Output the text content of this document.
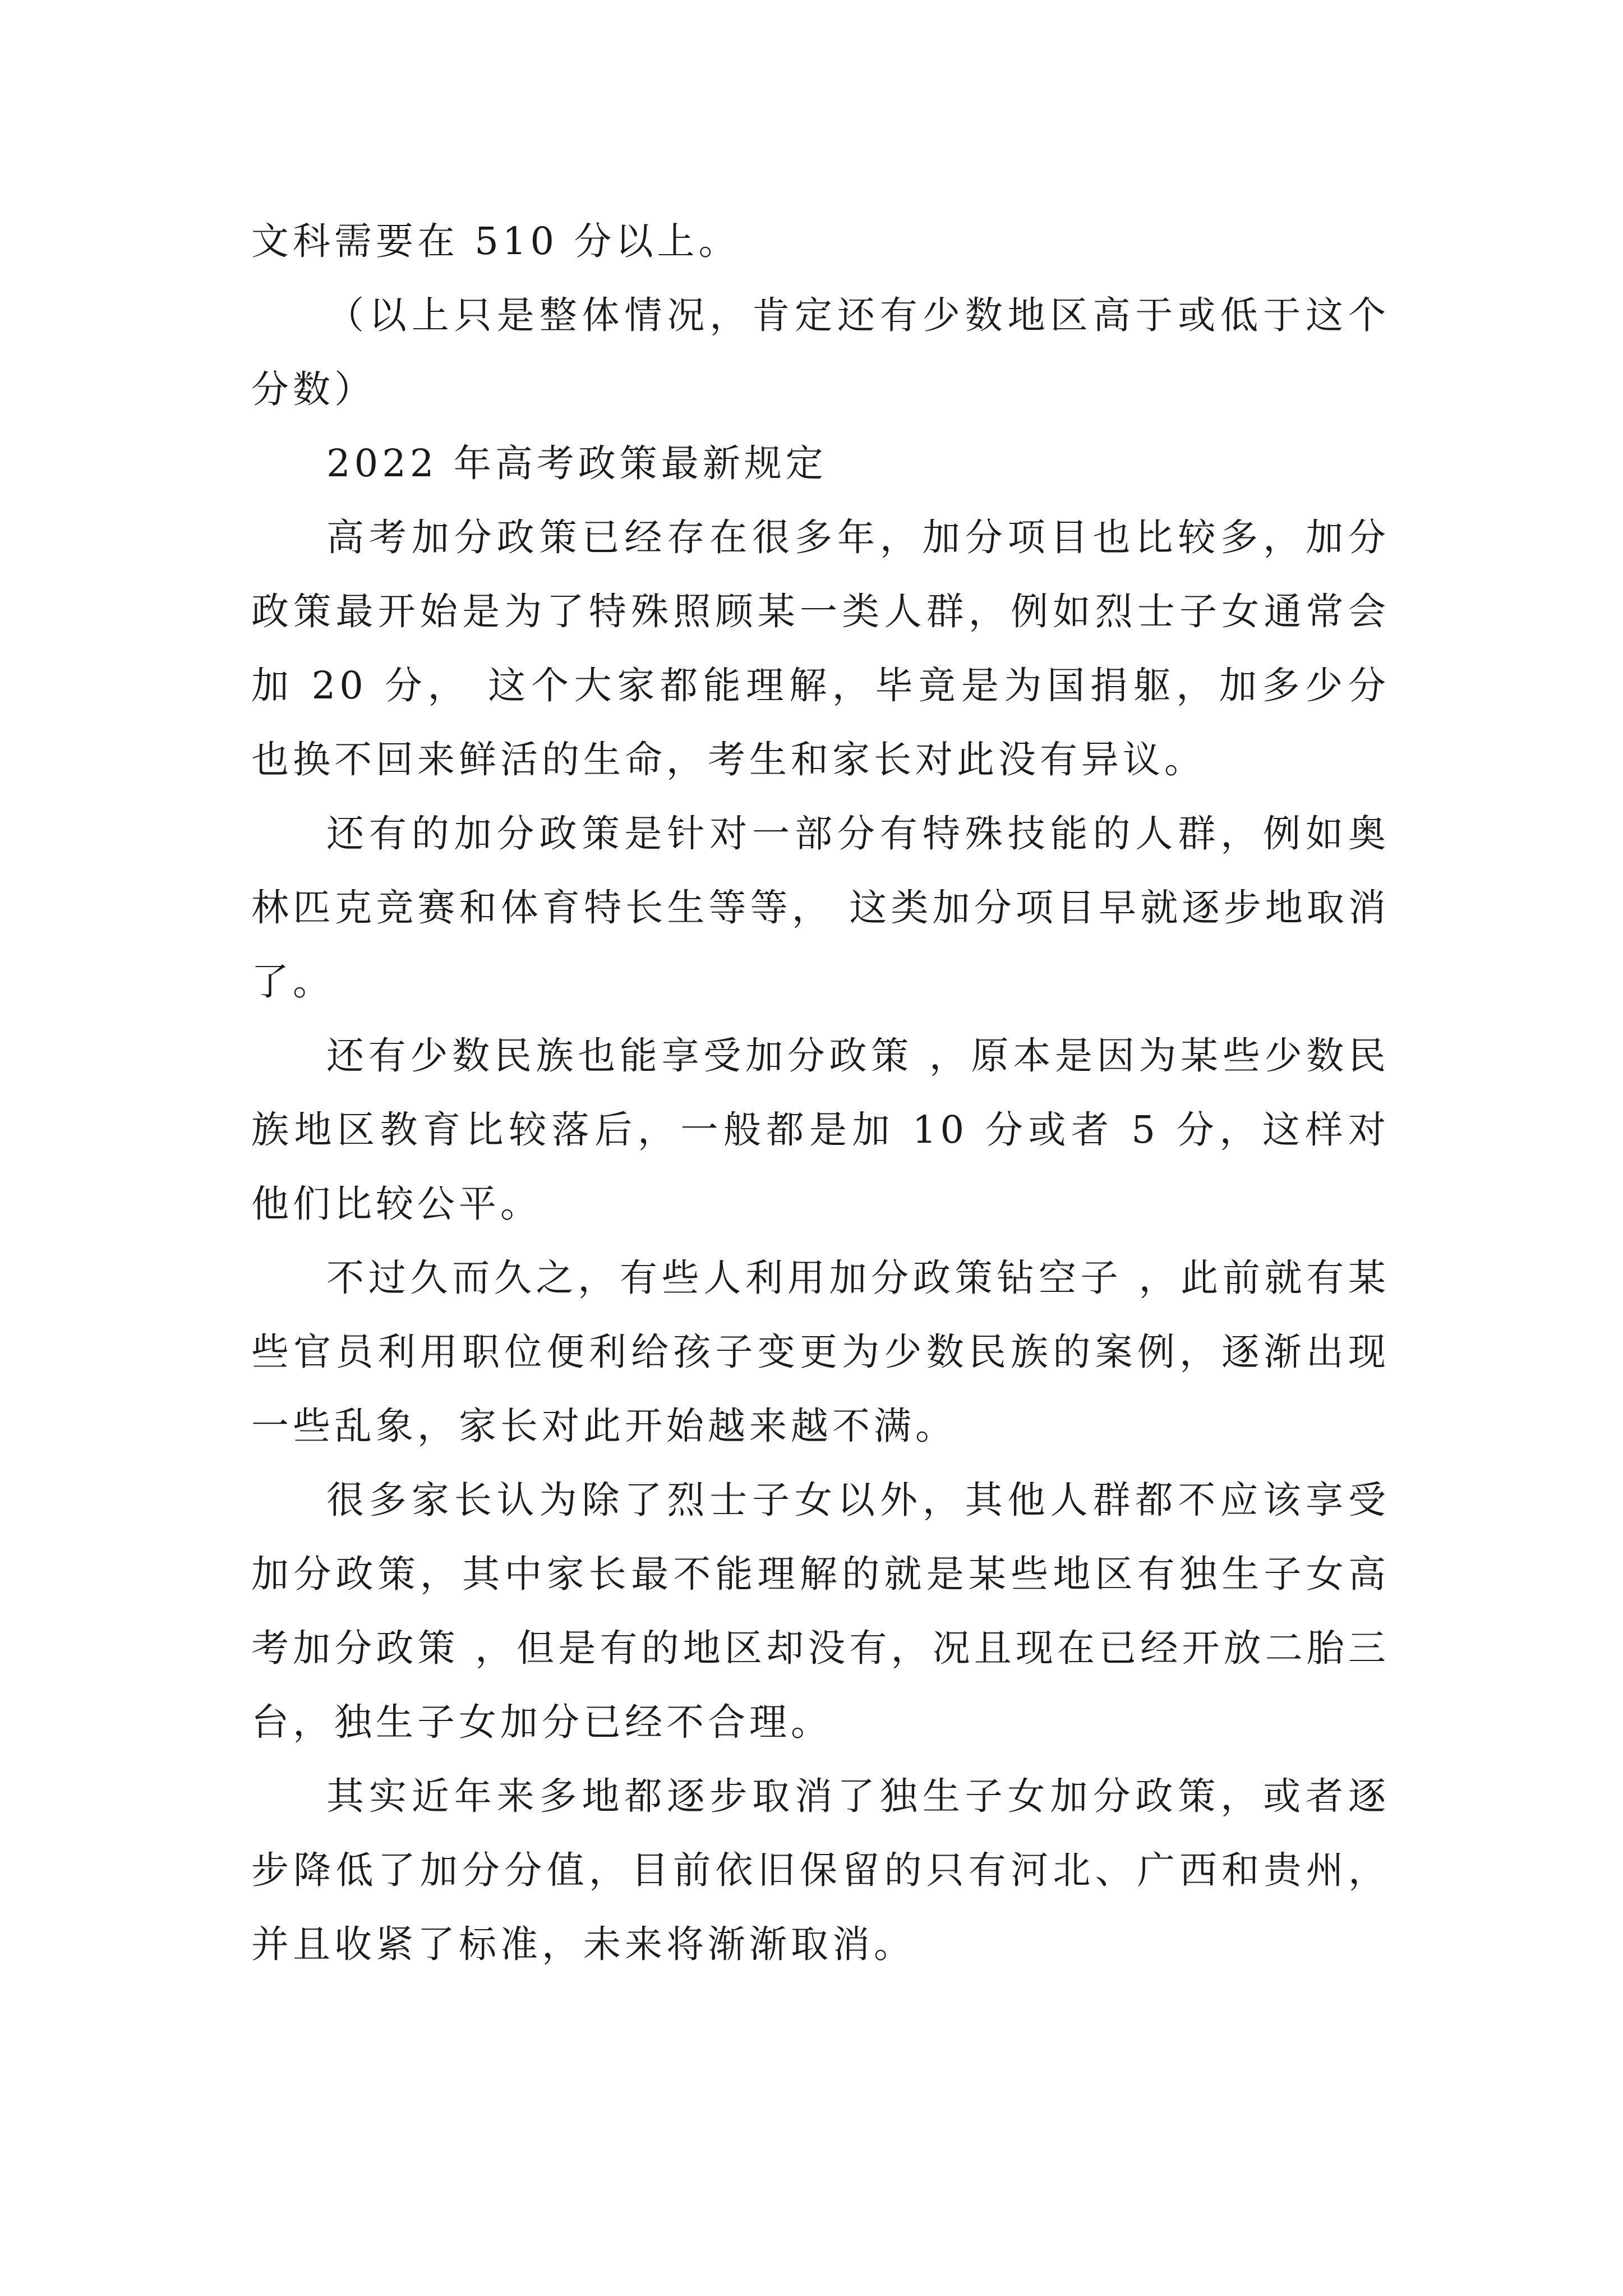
文科需要在 510 分以上。

（以上只是整体情况，肯定还有少数地区高于或低于这个分数）

2022 年高考政策最新规定

高考加分政策已经存在很多年，加分项目也比较多，加分政策最开始是为了特殊照顾某一类人群，例如烈士子女通常会加 20 分， 这个大家都能理解，毕竟是为国捐躯，加多少分也换不回来鲜活的生命，考生和家长对此没有异议。

还有的加分政策是针对一部分有特殊技能的人群，例如奥林匹克竞赛和体育特长生等等， 这类加分项目早就逐步地取消了。

还有少数民族也能享受加分政策 ，原本是因为某些少数民族地区教育比较落后，一般都是加 10 分或者 5 分，这样对他们比较公平。

不过久而久之，有些人利用加分政策钻空子 ，此前就有某些官员利用职位便利给孩子变更为少数民族的案例，逐渐出现一些乱象，家长对此开始越来越不满。

很多家长认为除了烈士子女以外，其他人群都不应该享受加分政策，其中家长最不能理解的就是某些地区有独生子女高考加分政策 ，但是有的地区却没有，况且现在已经开放二胎三台，独生子女加分已经不合理。

其实近年来多地都逐步取消了独生子女加分政策，或者逐步降低了加分分值，目前依旧保留的只有河北、广西和贵州，并且收紧了标准，未来将渐渐取消。
